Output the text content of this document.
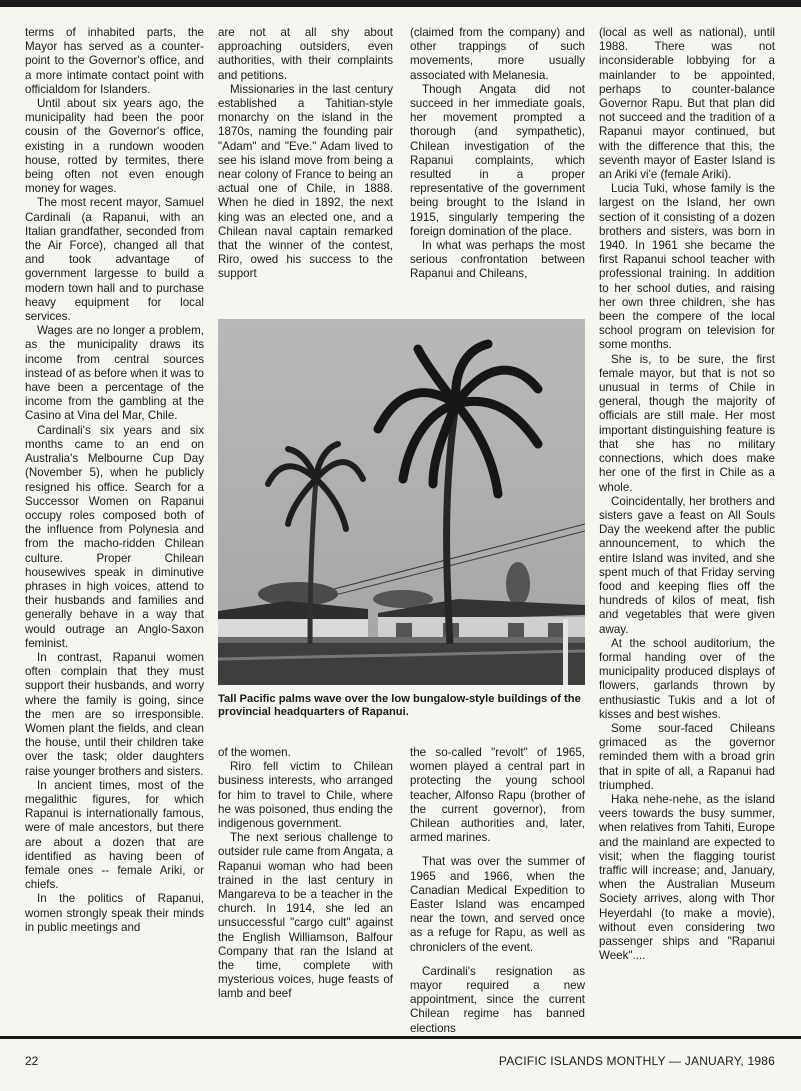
terms of inhabited parts, the Mayor has served as a counter-point to the Governor's office, and a more intimate contact point with officialdom for Islanders.

Until about six years ago, the municipality had been the poor cousin of the Governor's office, existing in a rundown wooden house, rotted by termites, there being often not even enough money for wages.

The most recent mayor, Samuel Cardinali (a Rapanui, with an Italian grandfather, seconded from the Air Force), changed all that and took advantage of government largesse to build a modern town hall and to purchase heavy equipment for local services.

Wages are no longer a problem, as the municipality draws its income from central sources instead of as before when it was to have been a percentage of the income from the gambling at the Casino at Vina del Mar, Chile.

Cardinali's six years and six months came to an end on Australia's Melbourne Cup Day (November 5), when he publicly resigned his office. Search for a Successor Women on Rapanui occupy roles composed both of the influence from Polynesia and from the macho-ridden Chilean culture. Proper Chilean housewives speak in diminutive phrases in high voices, attend to their husbands and families and generally behave in a way that would outrage an Anglo-Saxon feminist.

In contrast, Rapanui women often complain that they must support their husbands, and worry where the family is going, since the men are so irresponsible. Women plant the fields, and clean the house, until their children take over the task; older daughters raise younger brothers and sisters.

In ancient times, most of the megalithic figures, for which Rapanui is internationally famous, were of male ancestors, but there are about a dozen that are identified as having been of female ones -- female Ariki, or chiefs.

In the politics of Rapanui, women strongly speak their minds in public meetings and

are not at all shy about approaching outsiders, even authorities, with their complaints and petitions.

Missionaries in the last century established a Tahitian-style monarchy on the island in the 1870s, naming the founding pair "Adam" and "Eve." Adam lived to see his island move from being a near colony of France to being an actual one of Chile, in 1888. When he died in 1892, the next king was an elected one, and a Chilean naval captain remarked that the winner of the contest, Riro, owed his success to the support

(claimed from the company) and other trappings of such movements, more usually associated with Melanesia.

Though Angata did not succeed in her immediate goals, her movement prompted a thorough (and sympathetic), Chilean investigation of the Rapanui complaints, which resulted in a proper representative of the government being brought to the Island in 1915, singularly tempering the foreign domination of the place.

In what was perhaps the most serious confrontation between Rapanui and Chileans,

Tall Pacific palms wave over the low bungalow-style buildings of the provincial headquarters of Rapanui.

of the women.

Riro fell victim to Chilean business interests, who arranged for him to travel to Chile, where he was poisoned, thus ending the indigenous government.

The next serious challenge to outsider rule came from Angata, a Rapanui woman who had been trained in the last century in Mangareva to be a teacher in the church. In 1914, she led an unsuccessful "cargo cult" against the English Williamson, Balfour Company that ran the Island at the time, complete with mysterious voices, huge feasts of lamb and beef

the so-called "revolt" of 1965, women played a central part in protecting the young school teacher, Alfonso Rapu (brother of the current governor), from Chilean authorities and, later, armed marines.

That was over the summer of 1965 and 1966, when the Canadian Medical Expedition to Easter Island was encamped near the town, and served once as a refuge for Rapu, as well as chroniclers of the event.

Cardinali's resignation as mayor required a new appointment, since the current Chilean regime has banned elections

(local as well as national), until 1988. There was not inconsiderable lobbying for a mainlander to be appointed, perhaps to counter-balance Governor Rapu. But that plan did not succeed and the tradition of a Rapanui mayor continued, but with the difference that this, the seventh mayor of Easter Island is an Ariki vi'e (female Ariki).

Lucia Tuki, whose family is the largest on the Island, her own section of it consisting of a dozen brothers and sisters, was born in 1940. In 1961 she became the first Rapanui school teacher with professional training. In addition to her school duties, and raising her own three children, she has been the compere of the local school program on television for some months.

She is, to be sure, the first female mayor, but that is not so unusual in terms of Chile in general, though the majority of officials are still male. Her most important distinguishing feature is that she has no military connections, which does make her one of the first in Chile as a whole.

Coincidentally, her brothers and sisters gave a feast on All Souls Day the weekend after the public announcement, to which the entire Island was invited, and she spent much of that Friday serving food and keeping flies off the hundreds of kilos of meat, fish and vegetables that were given away.

At the school auditorium, the formal handing over of the municipality produced displays of flowers, garlands thrown by enthusiastic Tukis and a lot of kisses and best wishes.

Some sour-faced Chileans grimaced as the governor reminded them with a broad grin that in spite of all, a Rapanui had triumphed.

Haka nehe-nehe, as the island veers towards the busy summer, when relatives from Tahiti, Europe and the mainland are expected to visit; when the flagging tourist traffic will increase; and, January, when the Australian Museum Society arrives, along with Thor Heyerdahl (to make a movie), without even considering two passenger ships and "Rapanui Week"....

22	PACIFIC ISLANDS MONTHLY — JANUARY, 1986
